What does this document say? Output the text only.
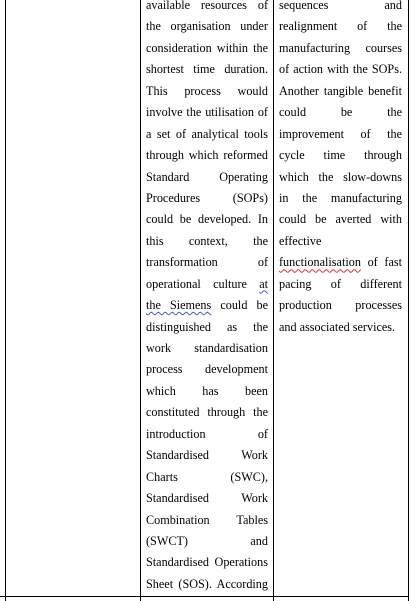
available resources of
the organisation under
consideration within the
shortest time duration.
This process would
involve the utilisation of
a set of analytical tools
through which reformed
Standard Operating
Procedures (SOPs)
could be developed. In
this context, the
transformation of
operational culture at
the Siemens could be
distinguished as the
work standardisation
process development
which has been
constituted through the
introduction of
Standardised Work
Charts (SWC),
Standardised Work
Combination Tables
(SWCT) and
Standardised Operations
Sheet (SOS). According
sequences and
realignment of the
manufacturing courses
of action with the SOPs.
Another tangible benefit
could be the
improvement of the
cycle time through
which the slow-downs
in the manufacturing
could be averted with
effective
functionalisation of fast
pacing of different
production processes
and associated services.
